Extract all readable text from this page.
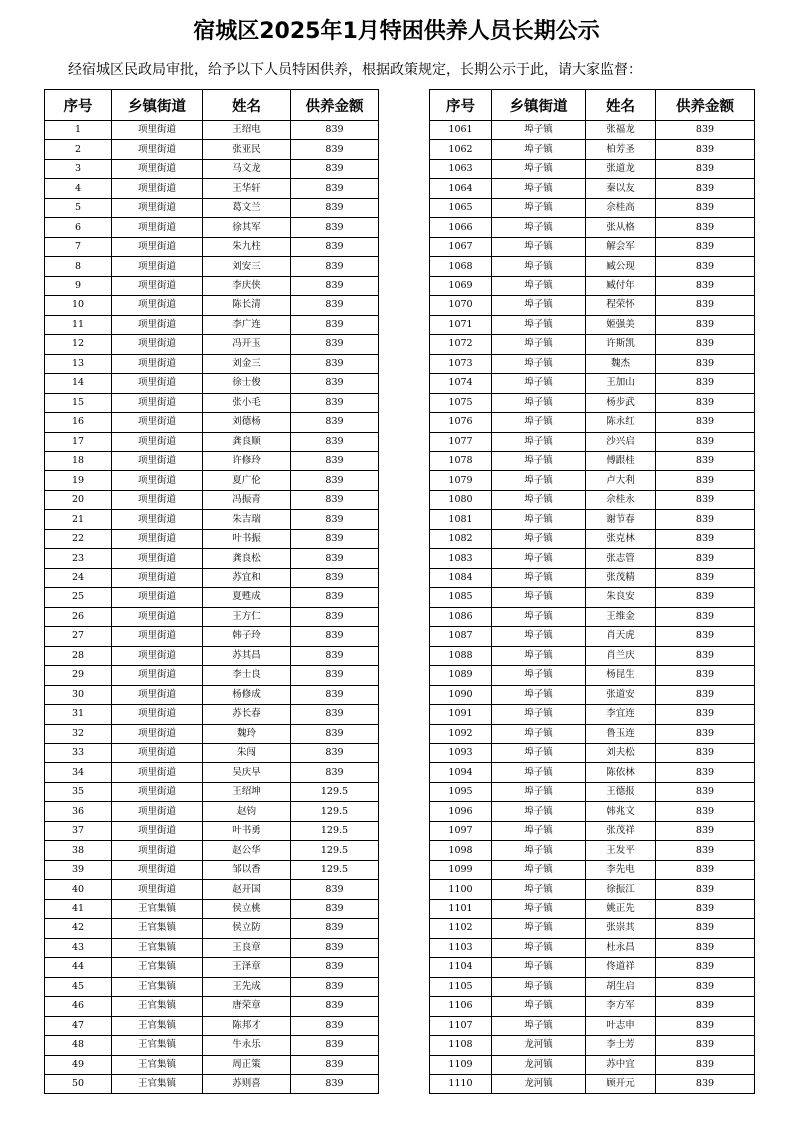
宿城区2025年1月特困供养人员长期公示
经宿城区民政局审批，给予以下人员特困供养，根据政策规定，长期公示于此，请大家监督：
序号	乡镇街道	姓名	供养金额
1	项里街道	王绍电	839
2	项里街道	张亚民	839
3	项里街道	马文龙	839
4	项里街道	王华轩	839
5	项里街道	葛文兰	839
6	项里街道	徐其军	839
7	项里街道	朱九柱	839
8	项里街道	刘安三	839
9	项里街道	李庆侠	839
10	项里街道	陈长清	839
11	项里街道	李广连	839
12	项里街道	冯开玉	839
13	项里街道	刘金三	839
14	项里街道	徐士俊	839
15	项里街道	张小毛	839
16	项里街道	刘德杨	839
17	项里街道	龚良顺	839
18	项里街道	许修玲	839
19	项里街道	夏广伦	839
20	项里街道	冯振青	839
21	项里街道	朱吉瑞	839
22	项里街道	叶书振	839
23	项里街道	龚良松	839
24	项里街道	苏宜和	839
25	项里街道	夏甦成	839
26	项里街道	王方仁	839
27	项里街道	韩子玲	839
28	项里街道	苏其昌	839
29	项里街道	李士良	839
30	项里街道	杨修成	839
31	项里街道	苏长春	839
32	项里街道	魏玲	839
33	项里街道	朱闯	839
34	项里街道	吴庆早	839
35	项里街道	王绍坤	129.5
36	项里街道	赵钧	129.5
37	项里街道	叶书勇	129.5
38	项里街道	赵公华	129.5
39	项里街道	邹以香	129.5
40	项里街道	赵开国	839
41	王官集镇	侯立桃	839
42	王官集镇	侯立防	839
43	王官集镇	王良章	839
44	王官集镇	王泽章	839
45	王官集镇	王先成	839
46	王官集镇	唐荣章	839
47	王官集镇	陈邦才	839
48	王官集镇	牛永乐	839
49	王官集镇	周正策	839
50	王官集镇	苏则喜	839
序号	乡镇街道	姓名	供养金额
1061	埠子镇	张福龙	839
1062	埠子镇	柏芳圣	839
1063	埠子镇	张道龙	839
1064	埠子镇	秦以友	839
1065	埠子镇	佘桂高	839
1066	埠子镇	张从格	839
1067	埠子镇	解会军	839
1068	埠子镇	臧公现	839
1069	埠子镇	臧付年	839
1070	埠子镇	程荣怀	839
1071	埠子镇	姬强美	839
1072	埠子镇	许斯凯	839
1073	埠子镇	魏杰	839
1074	埠子镇	王加山	839
1075	埠子镇	杨步武	839
1076	埠子镇	陈永红	839
1077	埠子镇	沙兴启	839
1078	埠子镇	傅跟桂	839
1079	埠子镇	卢大利	839
1080	埠子镇	佘桂永	839
1081	埠子镇	谢节春	839
1082	埠子镇	张克林	839
1083	埠子镇	张志管	839
1084	埠子镇	张茂精	839
1085	埠子镇	朱良安	839
1086	埠子镇	王维金	839
1087	埠子镇	肖天虎	839
1088	埠子镇	肖兰庆	839
1089	埠子镇	杨昆生	839
1090	埠子镇	张道安	839
1091	埠子镇	李宜连	839
1092	埠子镇	鲁玉连	839
1093	埠子镇	刘夫松	839
1094	埠子镇	陈依林	839
1095	埠子镇	王德报	839
1096	埠子镇	韩兆文	839
1097	埠子镇	张茂祥	839
1098	埠子镇	王发平	839
1099	埠子镇	李先电	839
1100	埠子镇	徐振江	839
1101	埠子镇	姚正先	839
1102	埠子镇	张崇其	839
1103	埠子镇	杜永昌	839
1104	埠子镇	佟道祥	839
1105	埠子镇	胡生启	839
1106	埠子镇	李方军	839
1107	埠子镇	叶志申	839
1108	龙河镇	李士芳	839
1109	龙河镇	苏中宜	839
1110	龙河镇	顾开元	839
